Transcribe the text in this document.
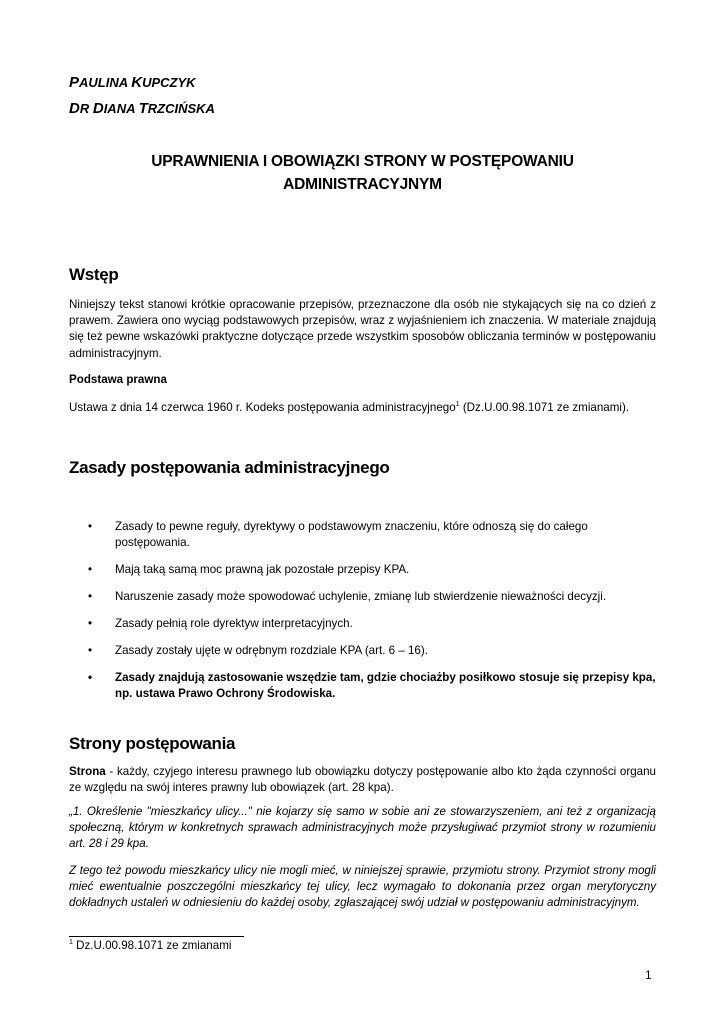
PAULINA KUPCZYK
DR DIANA TRZCIŃSKA
UPRAWNIENIA I OBOWIĄZKI STRONY W POSTĘPOWANIU
ADMINISTRACYJNYM
Wstęp
Niniejszy tekst stanowi krótkie opracowanie przepisów, przeznaczone dla osób nie stykających się na co dzień z prawem. Zawiera ono wyciąg podstawowych przepisów, wraz z wyjaśnieniem ich znaczenia. W materiale znajdują się też pewne wskazówki praktyczne dotyczące przede wszystkim sposobów obliczania terminów w postępowaniu administracyjnym.
Podstawa prawna
Ustawa z dnia 14 czerwca 1960 r. Kodeks postępowania administracyjnego$^1$ (Dz.U.00.98.1071 ze zmianami).
Zasady postępowania administracyjnego
• Zasady to pewne reguły, dyrektywy o podstawowym znaczeniu, które odnoszą się do całego postępowania.
• Mają taką samą moc prawną jak pozostałe przepisy KPA.
• Naruszenie zasady może spowodować uchylenie, zmianę lub stwierdzenie nieważności decyzji.
• Zasady pełnią role dyrektyw interpretacyjnych.
• Zasady zostały ujęte w odrębnym rozdziale KPA (art. 6 – 16).
• Zasady znajdują zastosowanie wszędzie tam, gdzie chociażby posiłkowo stosuje się przepisy kpa, np. ustawa Prawo Ochrony Środowiska.
Strony postępowania
Strona - każdy, czyjego interesu prawnego lub obowiązku dotyczy postępowanie albo kto żąda czynności organu ze względu na swój interes prawny lub obowiązek (art. 28 kpa).
„1. Określenie "mieszkańcy ulicy..." nie kojarzy się samo w sobie ani ze stowarzyszeniem, ani też z organizacją społeczną, którym w konkretnych sprawach administracyjnych może przysługiwać przymiot strony w rozumieniu art. 28 i 29 kpa.
Z tego też powodu mieszkańcy ulicy nie mogli mieć, w niniejszej sprawie, przymiotu strony. Przymiot strony mogli mieć ewentualnie poszczególni mieszkańcy tej ulicy, lecz wymagało to dokonania przez organ merytoryczny dokładnych ustaleń w odniesieniu do każdej osoby, zgłaszającej swój udział w postępowaniu administracyjnym.
$^1$ Dz.U.00.98.1071 ze zmianami
1
